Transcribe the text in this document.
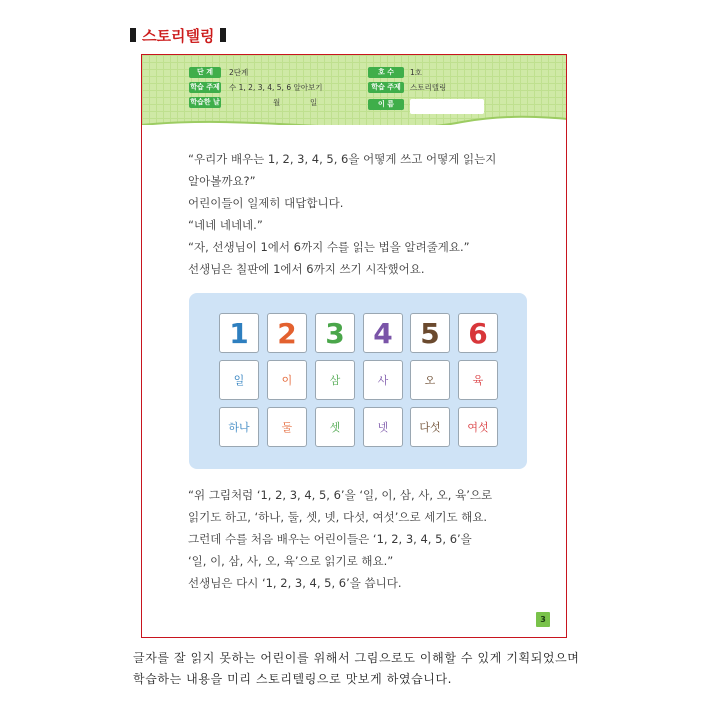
스토리텔링
단 계	2단계
학습 주제 수 1, 2, 3, 4, 5, 6 알아보기
학습한 날	월	일
호 수	1호
학습 주제	스토리텔링
이 름

“우리가 배우는 1, 2, 3, 4, 5, 6을 어떻게 쓰고 어떻게 읽는지

알아볼까요?”

어린이들이 일제히 대답합니다.

“네네 네네네.”

“자, 선생님이 1에서 6까지 수를 읽는 법을 알려줄게요.”

선생님은 칠판에 1에서 6까지 쓰기 시작했어요.

1 2 3 4 5 6
일	이	삼	사	오	육
하나	둘	셋	넷	다섯 여섯

“위 그림처럼 ‘1, 2, 3, 4, 5, 6’을 ‘일, 이, 삼, 사, 오, 육’으로

읽기도 하고, ‘하나, 둘, 셋, 넷, 다섯, 여섯’으로 세기도 해요.

그런데 수를 처음 배우는 어린이들은 ‘1, 2, 3, 4, 5, 6’을

‘일, 이, 삼, 사, 오, 육’으로 읽기로 해요.”

선생님은 다시 ‘1, 2, 3, 4, 5, 6’을 씁니다.

3

글자를 잘 읽지 못하는 어린이를 위해서 그림으로도 이해할 수 있게 기획되었으며

학습하는 내용을 미리 스토리텔링으로 맛보게 하였습니다.
